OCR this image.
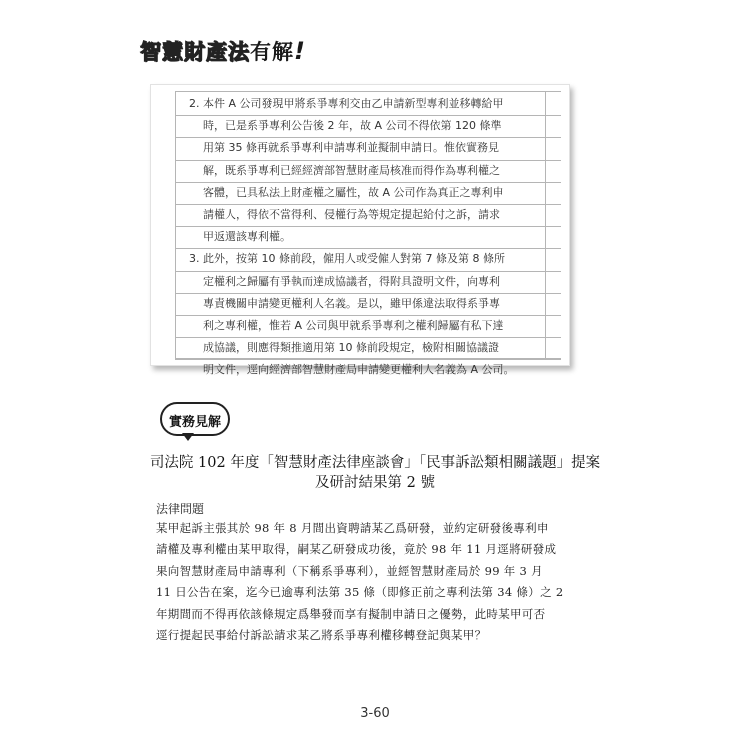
智慧財產法有解!

2. 本件 A 公司發現甲將系爭專利交由乙申請新型專利並移轉給甲
時，已是系爭專利公告後 2 年，故 A 公司不得依第 120 條準
用第 35 條再就系爭專利申請專利並擬制申請日。惟依實務見
解，既系爭專利已經經濟部智慧財產局核准而得作為專利權之
客體，已具私法上財產權之屬性，故 A 公司作為真正之專利申
請權人，得依不當得利、侵權行為等規定提起給付之訴，請求
甲返還該專利權。

3. 此外，按第 10 條前段，僱用人或受僱人對第 7 條及第 8 條所
定權利之歸屬有爭執而達成協議者，得附具證明文件，向專利
專責機關申請變更權利人名義。是以，雖甲係違法取得系爭專
利之專利權，惟若 A 公司與甲就系爭專利之權利歸屬有私下達
成協議，則應得類推適用第 10 條前段規定，檢附相關協議證
明文件，逕向經濟部智慧財產局申請變更權利人名義為 A 公司。

實務見解
司法院 102 年度「智慧財產法律座談會」「民事訴訟類相關議題」提案
及研討結果第 2 號
法律問題
某甲起訴主張其於 98 年 8 月間出資聘請某乙爲研發，並約定研發後專利申
請權及專利權由某甲取得，嗣某乙研發成功後，竟於 98 年 11 月逕將研發成
果向智慧財產局申請專利（下稱系爭專利），並經智慧財產局於 99 年 3 月
11 日公告在案，迄今已逾專利法第 35 條（即修正前之專利法第 34 條）之 2
年期間而不得再依該條規定爲舉發而享有擬制申請日之優勢，此時某甲可否
逕行提起民事給付訴訟請求某乙將系爭專利權移轉登記與某甲？
3-60
